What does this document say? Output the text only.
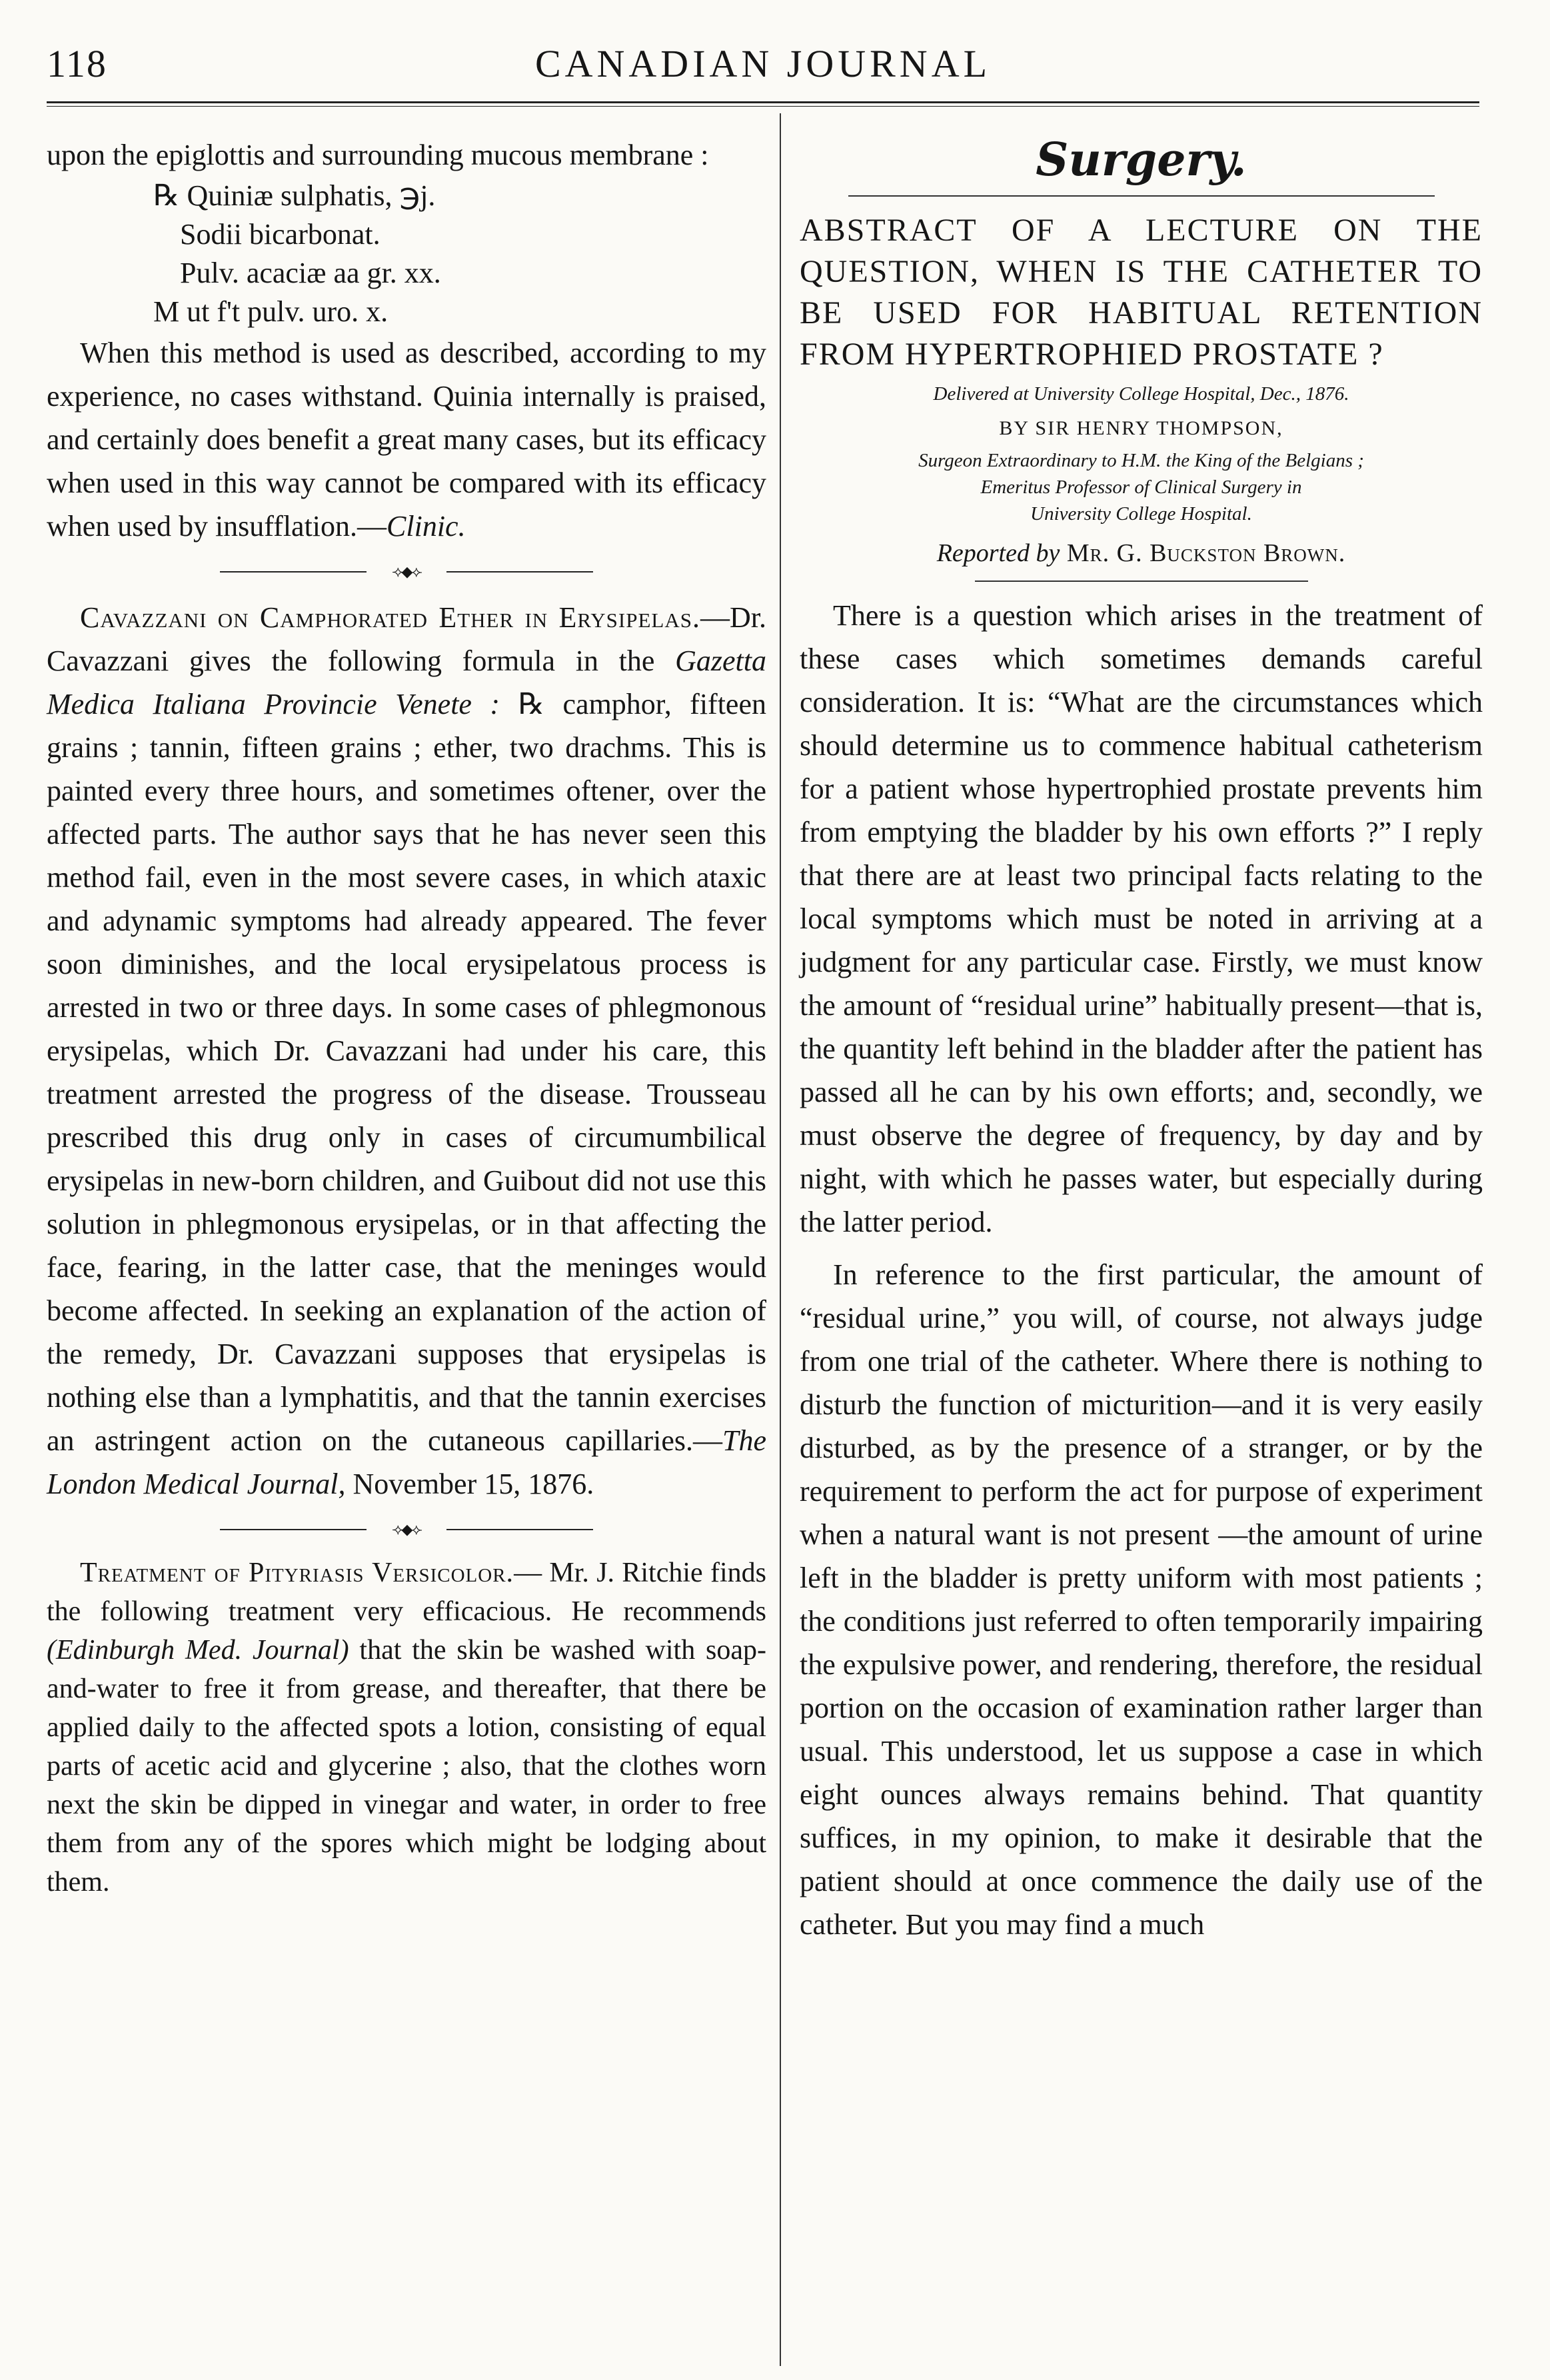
118	CANADIAN JOURNAL

upon the epiglottis and surrounding mucous membrane :

℞ Quiniæ sulphatis, ℈j.
Sodii bicarbonat.
Pulv. acaciæ aa gr. xx.
M ut f't pulv. uro. x.

When this method is used as described, according to my experience, no cases withstand. Quinia internally is praised, and certainly does benefit a great many cases, but its efficacy when used in this way cannot be compared with its efficacy when used by insufflation.—Clinic.

⟢◆⟣

Cavazzani on Camphorated Ether in Erysipelas.—Dr. Cavazzani gives the following formula in the Gazetta Medica Italiana Provincie Venete : ℞ camphor, fifteen grains ; tannin, fifteen grains ; ether, two drachms. This is painted every three hours, and sometimes oftener, over the affected parts. The author says that he has never seen this method fail, even in the most severe cases, in which ataxic and adynamic symptoms had already appeared. The fever soon diminishes, and the local erysipelatous process is arrested in two or three days. In some cases of phlegmonous erysipelas, which Dr. Cavazzani had under his care, this treatment arrested the progress of the disease. Trousseau prescribed this drug only in cases of circumumbilical erysipelas in new-born children, and Guibout did not use this solution in phlegmonous erysipelas, or in that affecting the face, fearing, in the latter case, that the meninges would become affected. In seeking an explanation of the action of the remedy, Dr. Cavazzani supposes that erysipelas is nothing else than a lymphatitis, and that the tannin exercises an astringent action on the cutaneous capillaries.—The London Medical Journal, November 15, 1876.

⟢◆⟣

Treatment of Pityriasis Versicolor.— Mr. J. Ritchie finds the following treatment very efficacious. He recommends (Edinburgh Med. Journal) that the skin be washed with soap-and-water to free it from grease, and thereafter, that there be applied daily to the affected spots a lotion, consisting of equal parts of acetic acid and glycerine ; also, that the clothes worn next the skin be dipped in vinegar and water, in order to free them from any of the spores which might be lodging about them.

Surgery.
ABSTRACT OF A LECTURE ON THE QUESTION, WHEN IS THE CATHETER TO BE USED FOR HABITUAL RETENTION FROM HYPERTROPHIED PROSTATE ?
Delivered at University College Hospital, Dec., 1876.
BY SIR HENRY THOMPSON,
Surgeon Extraordinary to H.M. the King of the Belgians ;
Emeritus Professor of Clinical Surgery in
University College Hospital.
Reported by Mr. G. Buckston Brown.

There is a question which arises in the treatment of these cases which sometimes demands careful consideration. It is: “What are the circumstances which should determine us to commence habitual catheterism for a patient whose hypertrophied prostate prevents him from emptying the bladder by his own efforts ?” I reply that there are at least two principal facts relating to the local symptoms which must be noted in arriving at a judgment for any particular case. Firstly, we must know the amount of “residual urine” habitually present—that is, the quantity left behind in the bladder after the patient has passed all he can by his own efforts; and, secondly, we must observe the degree of frequency, by day and by night, with which he passes water, but especially during the latter period.

In reference to the first particular, the amount of “residual urine,” you will, of course, not always judge from one trial of the catheter. Where there is nothing to disturb the function of micturition—and it is very easily disturbed, as by the presence of a stranger, or by the requirement to perform the act for purpose of experiment when a natural want is not present —the amount of urine left in the bladder is pretty uniform with most patients ; the conditions just referred to often temporarily impairing the expulsive power, and rendering, therefore, the residual portion on the occasion of examination rather larger than usual. This understood, let us suppose a case in which eight ounces always remains behind. That quantity suffices, in my opinion, to make it desirable that the patient should at once commence the daily use of the catheter. But you may find a much
